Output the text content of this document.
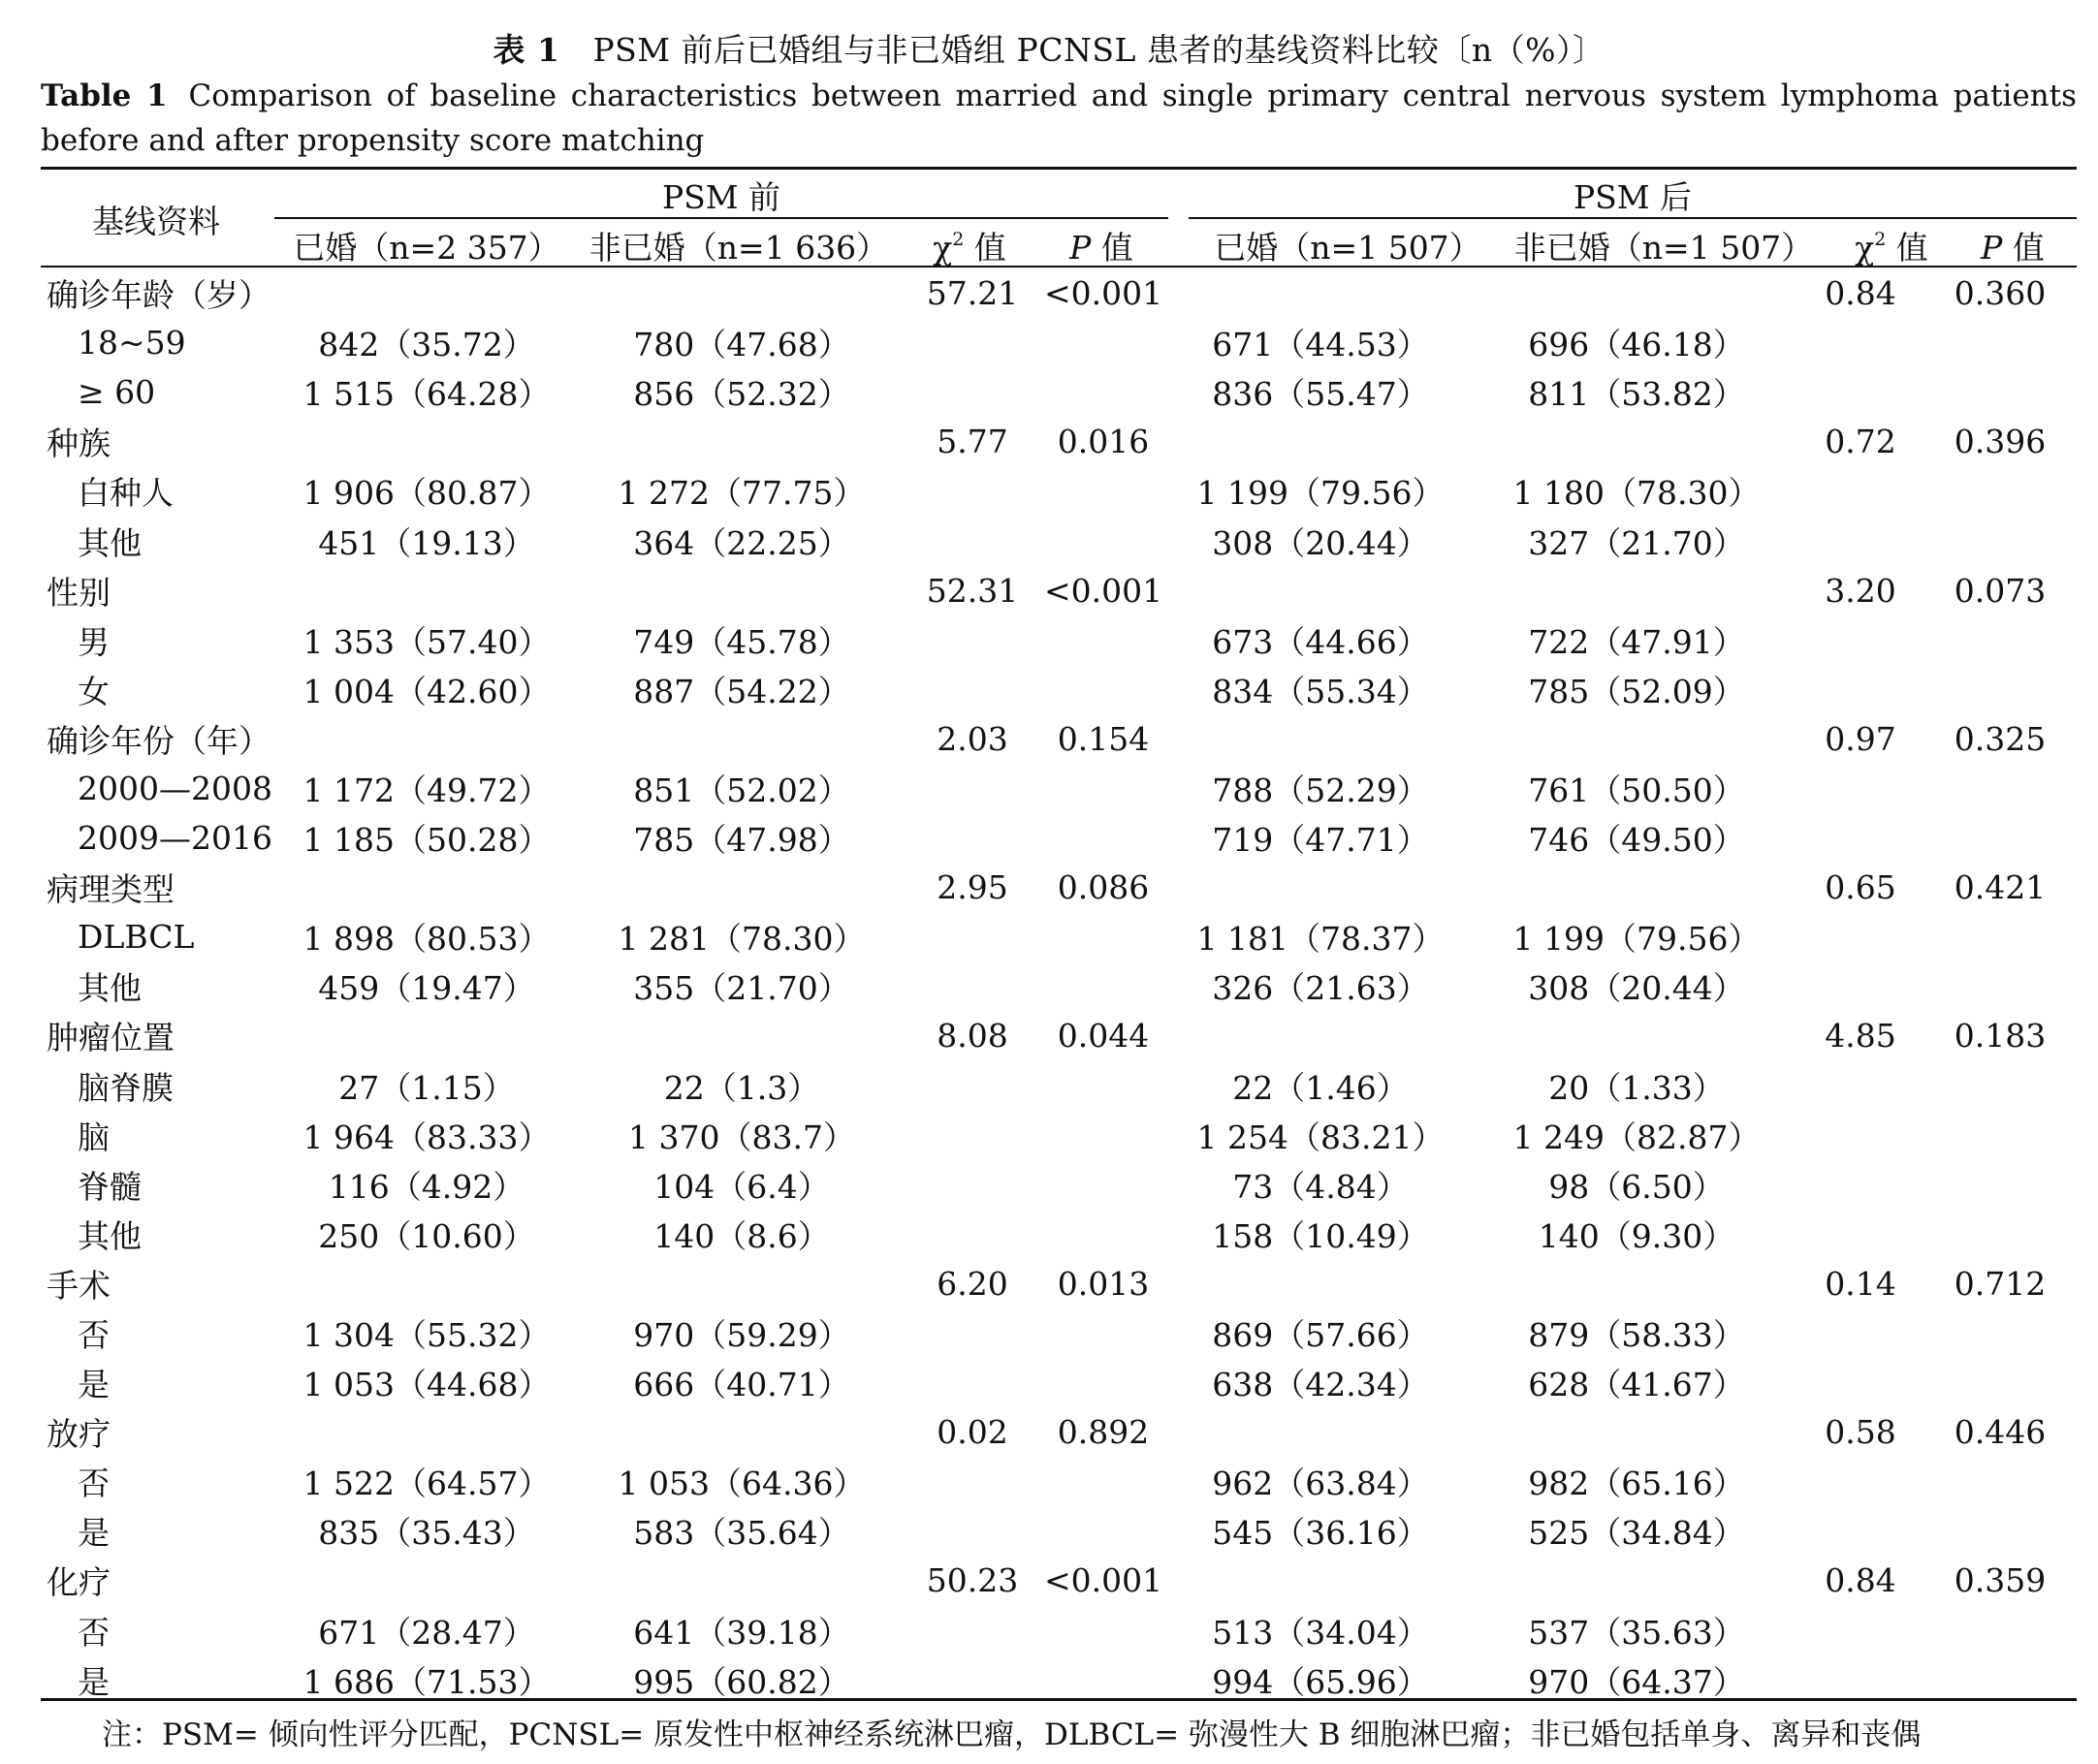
表 1 PSM 前后已婚组与非已婚组 PCNSL 患者的基线资料比较〔n（%）〕
Table 1 Comparison of baseline characteristics between married and single primary central nervous system lymphoma patients before and after propensity score matching
基线资料
PSM 前	PSM 后
已婚（n=2 357） 非已婚（n=1 636） $\chi^2$ 值 P 值	已婚（n=1 507） 非已婚（n=1 507） $\chi^2$ 值 P 值
确诊年龄（岁）			57.21	<0.001			0.84	0.360
18~59	842（35.72）	780（47.68）			671（44.53）	696（46.18）		
≥ 60	1 515（64.28）	856（52.32）			836（55.47）	811（53.82）		
种族			5.77	0.016			0.72	0.396
白种人	1 906（80.87）	1 272（77.75）			1 199（79.56）	1 180（78.30）		
其他	451（19.13）	364（22.25）			308（20.44）	327（21.70）		
性别			52.31	<0.001			3.20	0.073
男	1 353（57.40）	749（45.78）			673（44.66）	722（47.91）		
女	1 004（42.60）	887（54.22）			834（55.34）	785（52.09）		
确诊年份（年）			2.03	0.154			0.97	0.325
2000—2008	1 172（49.72）	851（52.02）			788（52.29）	761（50.50）		
2009—2016	1 185（50.28）	785（47.98）			719（47.71）	746（49.50）		
病理类型			2.95	0.086			0.65	0.421
DLBCL	1 898（80.53）	1 281（78.30）			1 181（78.37）	1 199（79.56）		
其他	459（19.47）	355（21.70）			326（21.63）	308（20.44）		
肿瘤位置			8.08	0.044			4.85	0.183
脑脊膜	27（1.15）	22（1.3）			22（1.46）	20（1.33）		
脑	1 964（83.33）	1 370（83.7）			1 254（83.21）	1 249（82.87）		
脊髓	116（4.92）	104（6.4）			73（4.84）	98（6.50）		
其他	250（10.60）	140（8.6）			158（10.49）	140（9.30）		
手术			6.20	0.013			0.14	0.712
否	1 304（55.32）	970（59.29）			869（57.66）	879（58.33）		
是	1 053（44.68）	666（40.71）			638（42.34）	628（41.67）		
放疗			0.02	0.892			0.58	0.446
否	1 522（64.57）	1 053（64.36）			962（63.84）	982（65.16）		
是	835（35.43）	583（35.64）			545（36.16）	525（34.84）		
化疗			50.23	<0.001			0.84	0.359
否	671（28.47）	641（39.18）			513（34.04）	537（35.63）		
是	1 686（71.53）	995（60.82）			994（65.96）	970（64.37）		
注：PSM= 倾向性评分匹配，PCNSL= 原发性中枢神经系统淋巴瘤，DLBCL= 弥漫性大 B 细胞淋巴瘤；非已婚包括单身、离异和丧偶
